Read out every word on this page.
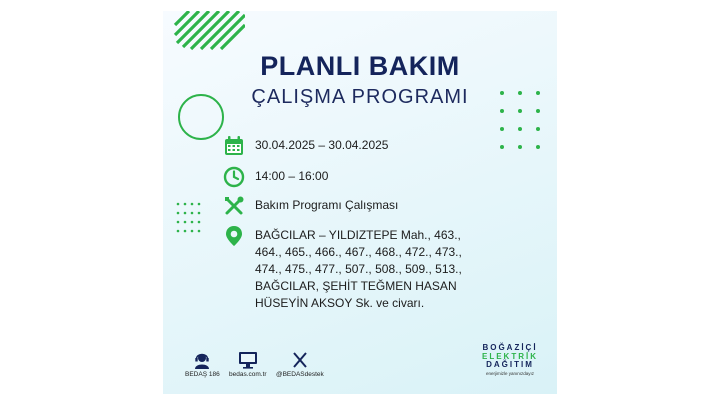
PLANLI BAKIM
ÇALIŞMA PROGRAMI
30.04.2025 – 30.04.2025
14:00 – 16:00
Bakım Programı Çalışması
BAĞCILAR – YILDIZTEPE Mah., 463.,
464., 465., 466., 467., 468., 472., 473.,
474., 475., 477., 507., 508., 509., 513.,
BAĞCILAR, ŞEHİT TEĞMEN HASAN
HÜSEYİN AKSOY Sk. ve civarı.
BEDAŞ 186 bedas.com.tr @BEDASdestek
BOĞAZİÇİ
ELEKTRİK
DAĞITIM
enerjimizle yanınızdayız
